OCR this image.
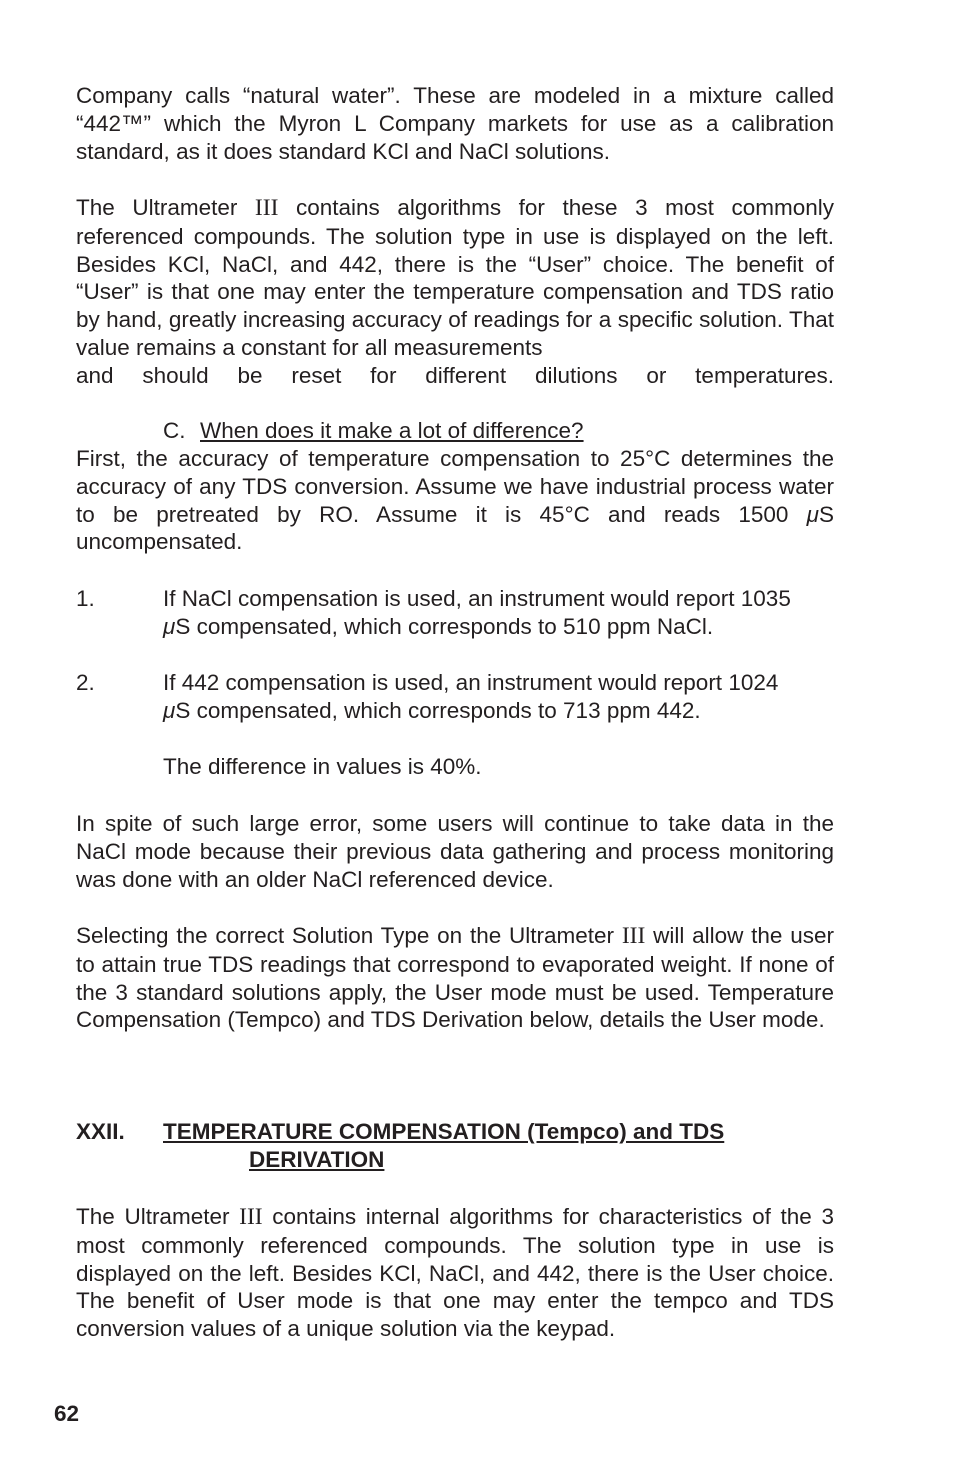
Company calls “natural water”. These are modeled in a mixture called “442™” which the Myron L Company markets for use as a calibration standard, as it does standard KCl and NaCl solutions.

The Ultrameter III contains algorithms for these 3 most commonly referenced compounds. The solution type in use is displayed on the left. Besides KCl, NaCl, and 442, there is the “User” choice. The benefit of “User” is that one may enter the temperature compensation and TDS ratio by hand, greatly increasing accuracy of readings for a specific solution. That value remains a constant for all measurements
and should be reset for different dilutions or temperatures.
C. When does it make a lot of difference?

First, the accuracy of temperature compensation to 25°C determines the accuracy of any TDS conversion. Assume we have industrial process water to be pretreated by RO. Assume it is 45°C and reads 1500 μS uncompensated.

1.	If NaCl compensation is used, an instrument would report 1035
μS compensated, which corresponds to 510 ppm NaCl.
2.	If 442 compensation is used, an instrument would report 1024
μS compensated, which corresponds to 713 ppm 442.
The difference in values is 40%.

In spite of such large error, some users will continue to take data in the NaCl mode because their previous data gathering and process monitoring was done with an older NaCl referenced device.

Selecting the correct Solution Type on the Ultrameter III will allow the user to attain true TDS readings that correspond to evaporated weight. If none of the 3 standard solutions apply, the User mode must be used. Temperature Compensation (Tempco) and TDS Derivation below, details the User mode.

XXII. TEMPERATURE COMPENSATION (Tempco) and TDS
DERIVATION

The Ultrameter III contains internal algorithms for characteristics of the 3 most commonly referenced compounds. The solution type in use is displayed on the left. Besides KCl, NaCl, and 442, there is the User choice. The benefit of User mode is that one may enter the tempco and TDS conversion values of a unique solution via the keypad.

62
